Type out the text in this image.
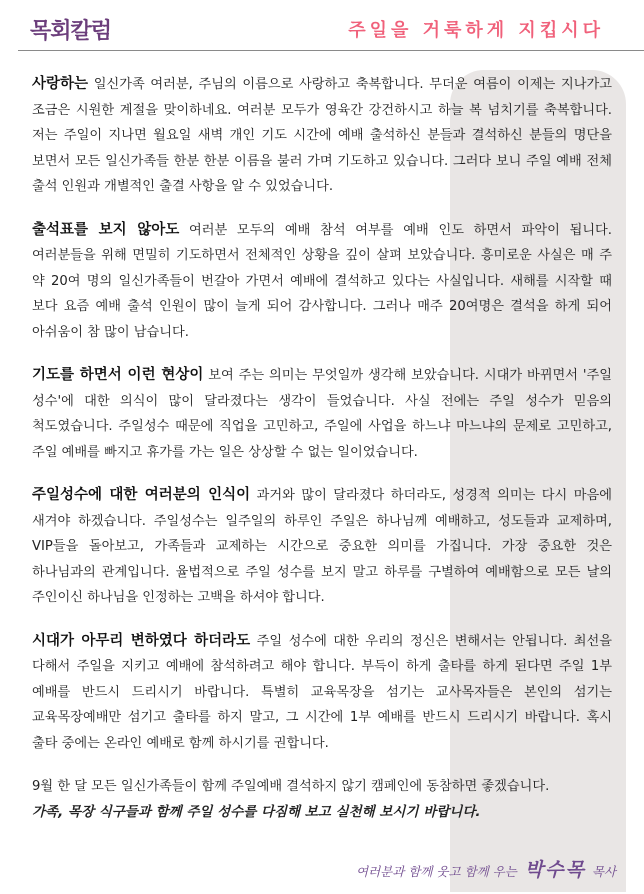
목회칼럼	주일을 거룩하게 지킵시다

사랑하는 일신가족 여러분, 주님의 이름으로 사랑하고 축복합니다. 무더운 여름이 이제는 지나가고 조금은 시원한 계절을 맞이하네요. 여러분 모두가 영육간 강건하시고 하늘 복 넘치기를 축복합니다. 저는 주일이 지나면 월요일 새벽 개인 기도 시간에 예배 출석하신 분들과 결석하신 분들의 명단을 보면서 모든 일신가족들 한분 한분 이름을 불러 가며 기도하고 있습니다. 그러다 보니 주일 예배 전체 출석 인원과 개별적인 출결 사항을 알 수 있었습니다.

출석표를 보지 않아도 여러분 모두의 예배 참석 여부를 예배 인도 하면서 파악이 됩니다. 여러분들을 위해 면밀히 기도하면서 전체적인 상황을 깊이 살펴 보았습니다. 흥미로운 사실은 매 주 약 20여 명의 일신가족들이 번갈아 가면서 예배에 결석하고 있다는 사실입니다. 새해를 시작할 때 보다 요즘 예배 출석 인원이 많이 늘게 되어 감사합니다. 그러나 매주 20여명은 결석을 하게 되어 아쉬움이 참 많이 남습니다.

기도를 하면서 이런 현상이 보여 주는 의미는 무엇일까 생각해 보았습니다. 시대가 바뀌면서 '주일 성수'에 대한 의식이 많이 달라졌다는 생각이 들었습니다. 사실 전에는 주일 성수가 믿음의 척도였습니다. 주일성수 때문에 직업을 고민하고, 주일에 사업을 하느냐 마느냐의 문제로 고민하고, 주일 예배를 빠지고 휴가를 가는 일은 상상할 수 없는 일이었습니다.

주일성수에 대한 여러분의 인식이 과거와 많이 달라졌다 하더라도, 성경적 의미는 다시 마음에 새겨야 하겠습니다. 주일성수는 일주일의 하루인 주일은 하나님께 예배하고, 성도들과 교제하며, VIP들을 돌아보고, 가족들과 교제하는 시간으로 중요한 의미를 가집니다. 가장 중요한 것은 하나님과의 관계입니다. 율법적으로 주일 성수를 보지 말고 하루를 구별하여 예배함으로 모든 날의 주인이신 하나님을 인정하는 고백을 하셔야 합니다.

시대가 아무리 변하였다 하더라도 주일 성수에 대한 우리의 정신은 변해서는 안됩니다. 최선을 다해서 주일을 지키고 예배에 참석하려고 해야 합니다. 부득이 하게 출타를 하게 된다면 주일 1부 예배를 반드시 드리시기 바랍니다. 특별히 교육목장을 섬기는 교사목자들은 본인의 섬기는 교육목장예배만 섬기고 출타를 하지 말고, 그 시간에 1부 예배를 반드시 드리시기 바랍니다. 혹시 출타 중에는 온라인 예배로 함께 하시기를 권합니다.

9월 한 달 모든 일신가족들이 함께 주일예배 결석하지 않기 캠페인에 동참하면 좋겠습니다.

가족, 목장 식구들과 함께 주일 성수를 다짐해 보고 실천해 보시기 바랍니다.

여러분과 함께 웃고 함께 우는 박수목 목사
